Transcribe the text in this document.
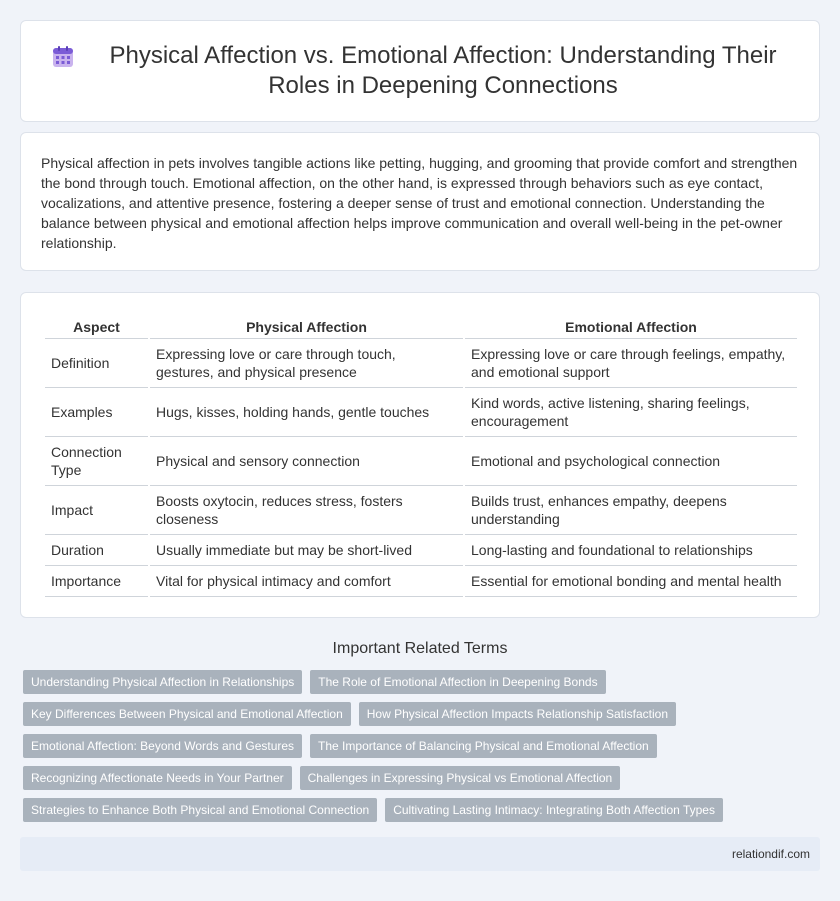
Physical Affection vs. Emotional Affection: Understanding Their Roles in Deepening Connections

Physical affection in pets involves tangible actions like petting, hugging, and grooming that provide comfort and strengthen the bond through touch. Emotional affection, on the other hand, is expressed through behaviors such as eye contact, vocalizations, and attentive presence, fostering a deeper sense of trust and emotional connection. Understanding the balance between physical and emotional affection helps improve communication and overall well-being in the pet-owner relationship.

Aspect	Physical Affection	Emotional Affection
Definition	Expressing love or care through touch, gestures, and physical presence	Expressing love or care through feelings, empathy, and emotional support
Examples	Hugs, kisses, holding hands, gentle touches	Kind words, active listening, sharing feelings, encouragement
Connection Type	Physical and sensory connection	Emotional and psychological connection
Impact	Boosts oxytocin, reduces stress, fosters closeness	Builds trust, enhances empathy, deepens understanding
Duration	Usually immediate but may be short-lived	Long-lasting and foundational to relationships
Importance	Vital for physical intimacy and comfort	Essential for emotional bonding and mental health
Important Related Terms
Understanding Physical Affection in Relationships	The Role of Emotional Affection in Deepening Bonds
Key Differences Between Physical and Emotional Affection	How Physical Affection Impacts Relationship Satisfaction
Emotional Affection: Beyond Words and Gestures	The Importance of Balancing Physical and Emotional Affection
Recognizing Affectionate Needs in Your Partner	Challenges in Expressing Physical vs Emotional Affection
Strategies to Enhance Both Physical and Emotional Connection	Cultivating Lasting Intimacy: Integrating Both Affection Types
relationdif.com
